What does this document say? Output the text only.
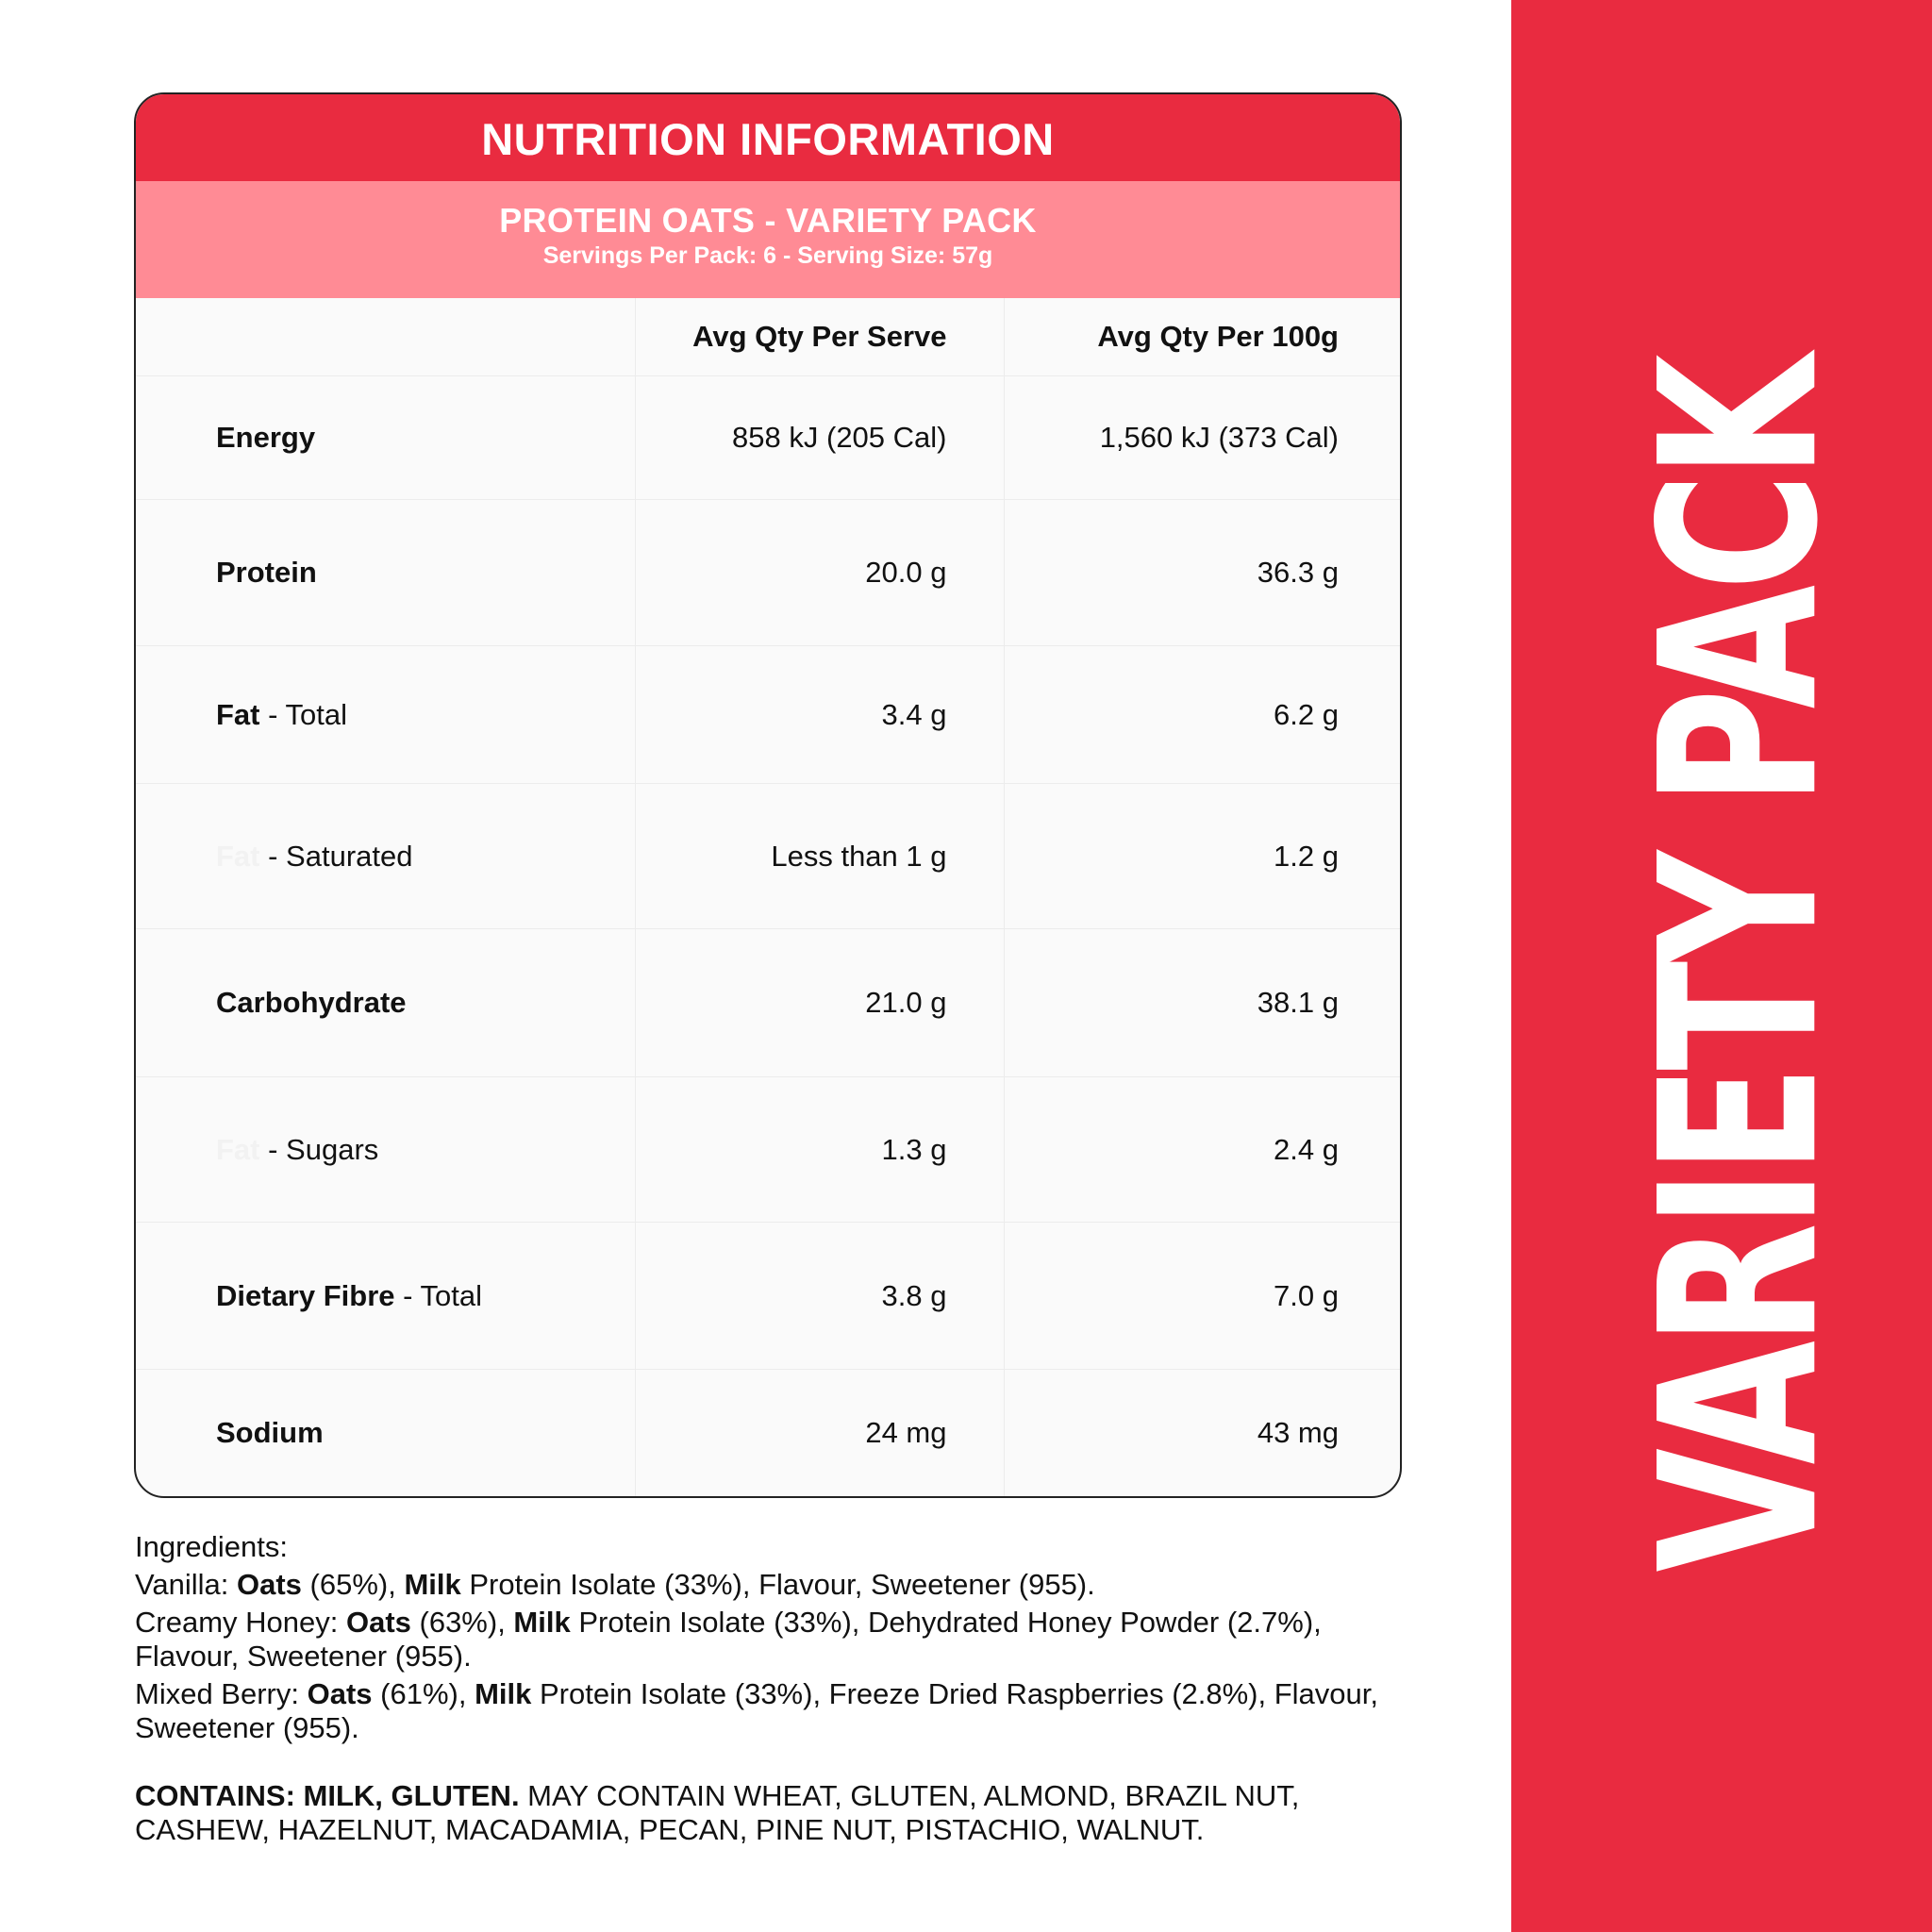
VARIETY PACK
NUTRITION INFORMATION
PROTEIN OATS - VARIETY PACK
Servings Per Pack: 6 - Serving Size: 57g
	Avg Qty Per Serve	Avg Qty Per 100g
Energy	858 kJ (205 Cal)	1,560 kJ (373 Cal)
Protein	20.0 g	36.3 g
Fat - Total	3.4 g	6.2 g
Fat - Saturated	Less than 1 g	1.2 g
Carbohydrate	21.0 g	38.1 g
Fat - Sugars	1.3 g	2.4 g
Dietary Fibre - Total	3.8 g	7.0 g
Sodium	24 mg	43 mg

Ingredients:

Vanilla: Oats (65%), Milk Protein Isolate (33%), Flavour, Sweetener (955).

Creamy Honey: Oats (63%), Milk Protein Isolate (33%), Dehydrated Honey Powder (2.7%), Flavour, Sweetener (955).

Mixed Berry: Oats (61%), Milk Protein Isolate (33%), Freeze Dried Raspberries (2.8%), Flavour, Sweetener (955).

CONTAINS: MILK, GLUTEN. MAY CONTAIN WHEAT, GLUTEN, ALMOND, BRAZIL NUT, CASHEW, HAZELNUT, MACADAMIA, PECAN, PINE NUT, PISTACHIO, WALNUT.
